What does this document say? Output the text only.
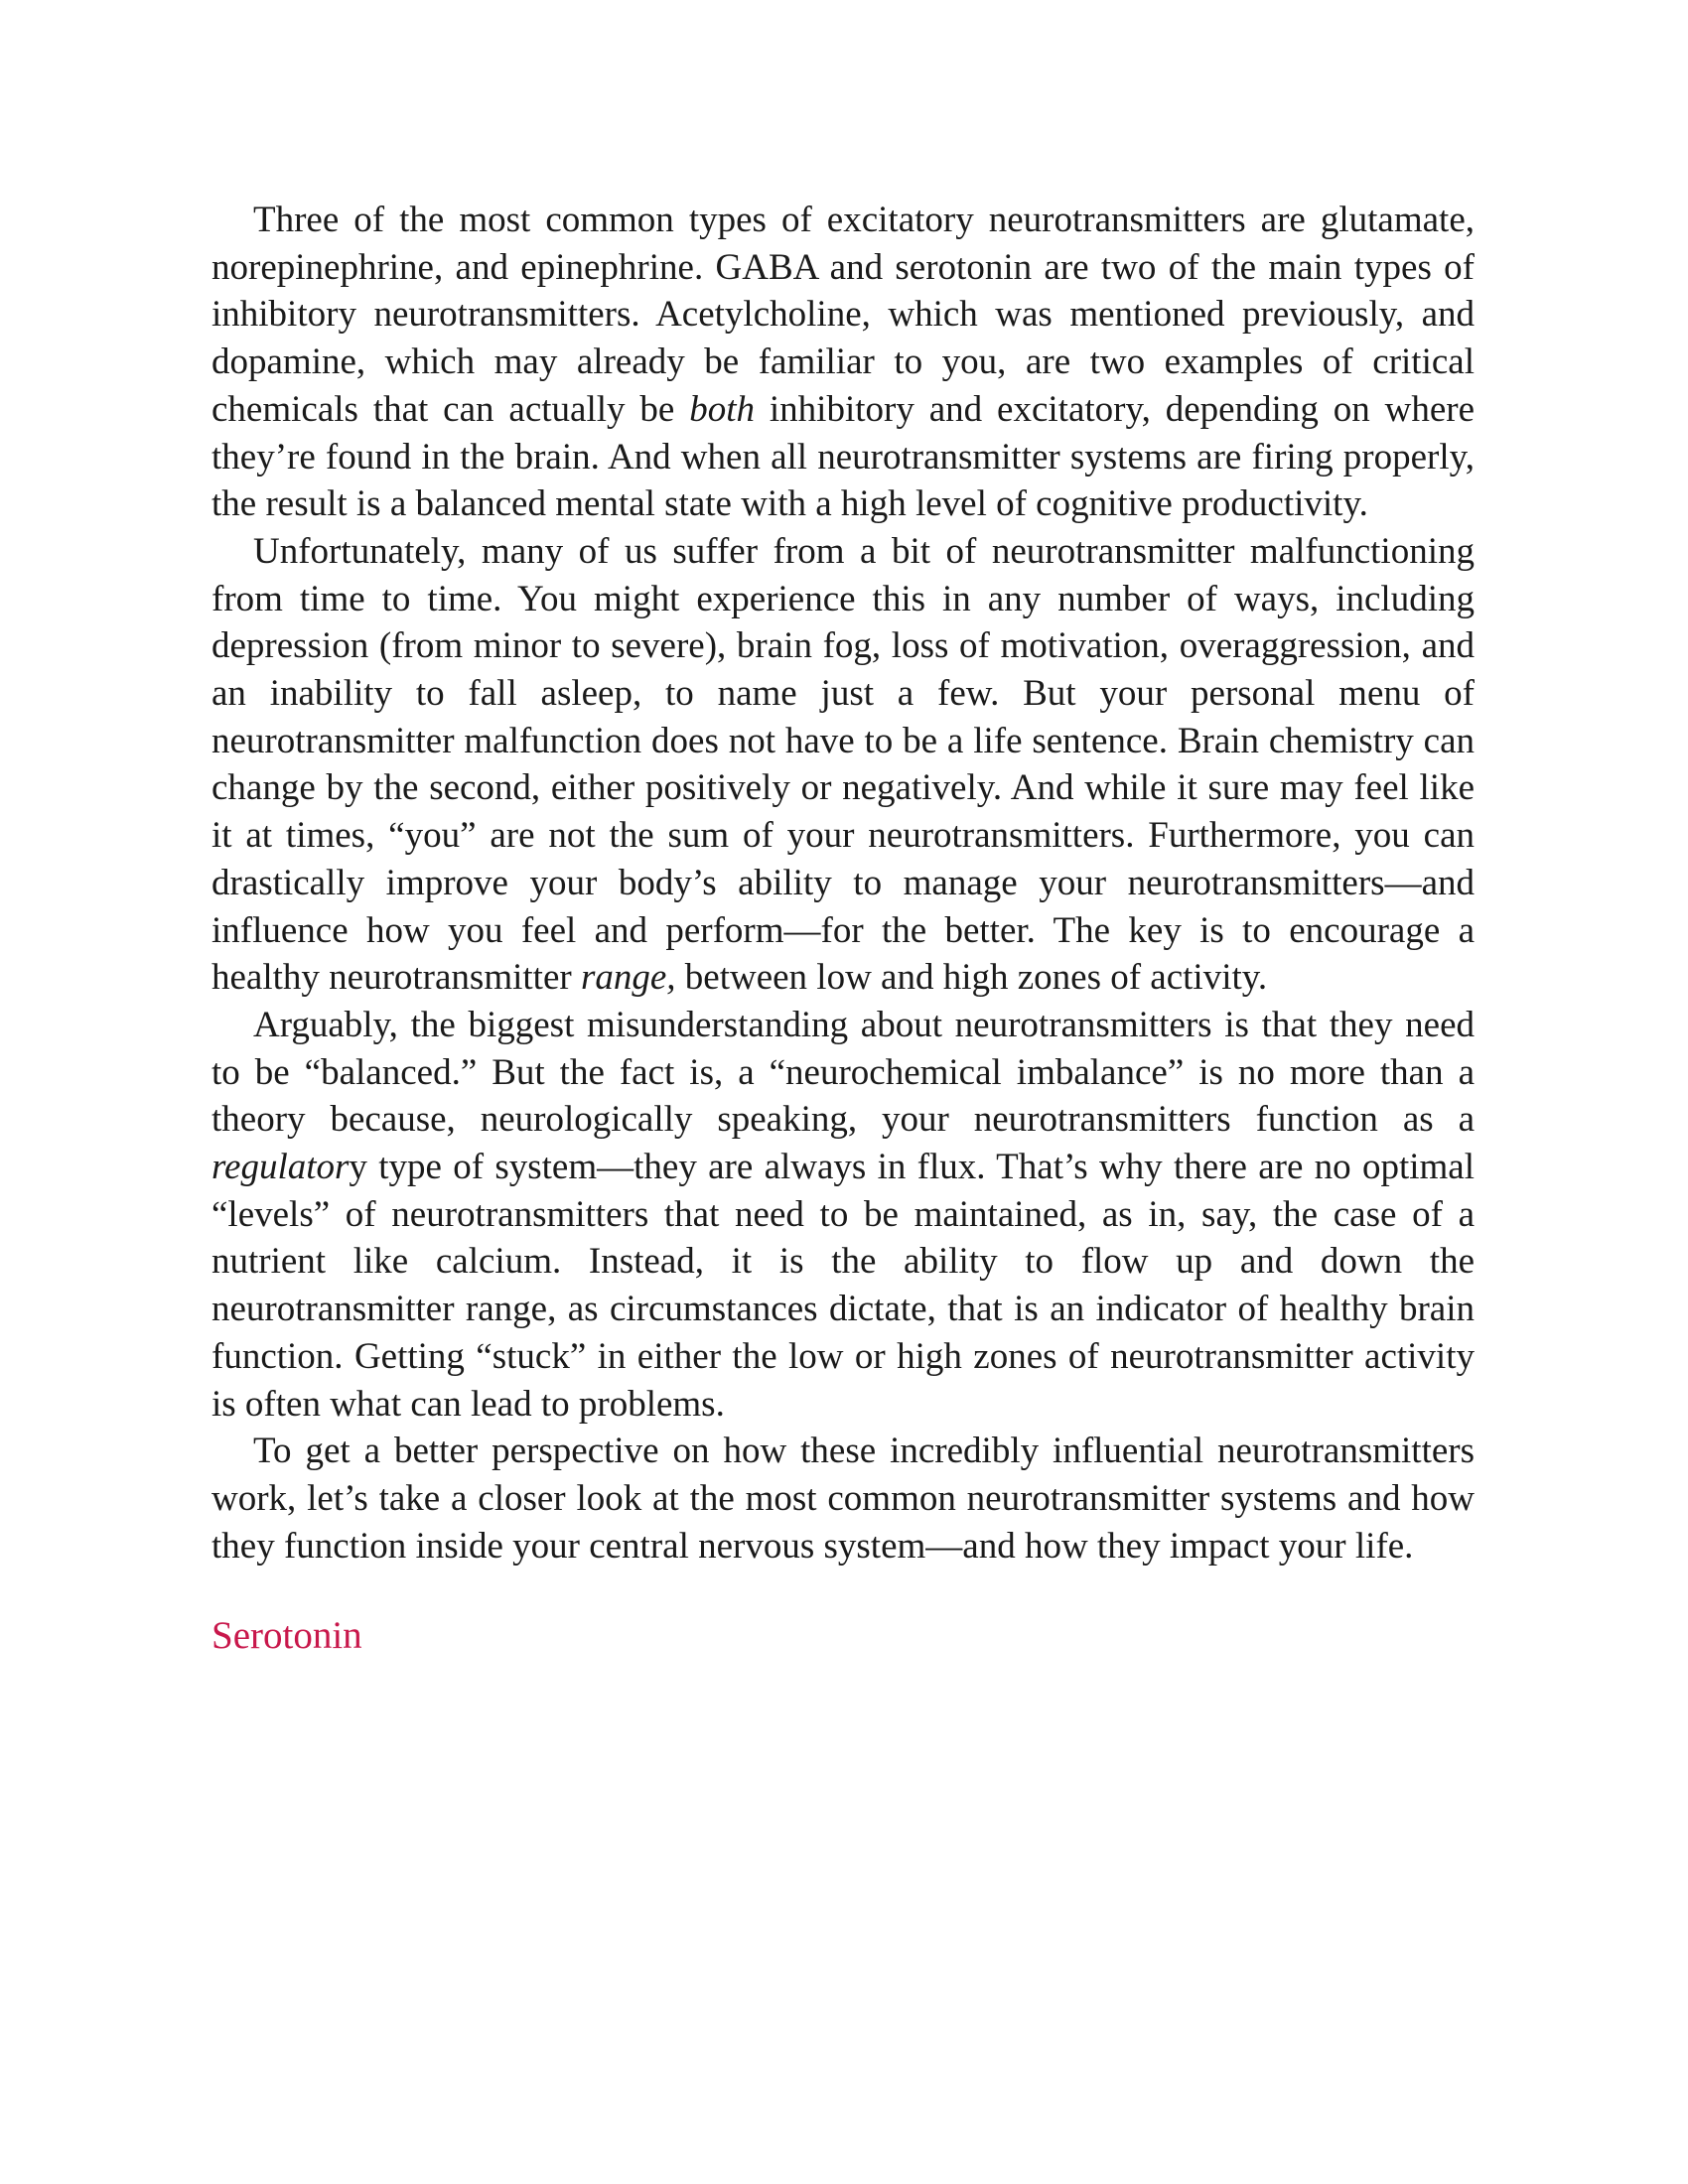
Three of the most common types of excitatory neurotransmitters are glutamate, norepinephrine, and epinephrine. GABA and serotonin are two of the main types of inhibitory neurotransmitters. Acetylcholine, which was mentioned previously, and dopamine, which may already be familiar to you, are two examples of critical chemicals that can actually be both inhibitory and excitatory, depending on where they’re found in the brain. And when all neurotransmitter systems are firing properly, the result is a balanced mental state with a high level of cognitive productivity.

Unfortunately, many of us suffer from a bit of neurotransmitter malfunctioning from time to time. You might experience this in any number of ways, including depression (from minor to severe), brain fog, loss of motivation, overaggression, and an inability to fall asleep, to name just a few. But your personal menu of neurotransmitter malfunction does not have to be a life sentence. Brain chemistry can change by the second, either positively or negatively. And while it sure may feel like it at times, “you” are not the sum of your neurotransmitters. Furthermore, you can drastically improve your body’s ability to manage your neurotransmitters—and influence how you feel and perform—for the better. The key is to encourage a healthy neurotransmitter range, between low and high zones of activity.

Arguably, the biggest misunderstanding about neurotransmitters is that they need to be “balanced.” But the fact is, a “neurochemical imbalance” is no more than a theory because, neurologically speaking, your neurotransmitters function as a regulatory type of system—they are always in flux. That’s why there are no optimal “levels” of neurotransmitters that need to be maintained, as in, say, the case of a nutrient like calcium. Instead, it is the ability to flow up and down the neurotransmitter range, as circumstances dictate, that is an indicator of healthy brain function. Getting “stuck” in either the low or high zones of neurotransmitter activity is often what can lead to problems.

To get a better perspective on how these incredibly influential neurotransmitters work, let’s take a closer look at the most common neurotransmitter systems and how they function inside your central nervous system—and how they impact your life.

Serotonin
